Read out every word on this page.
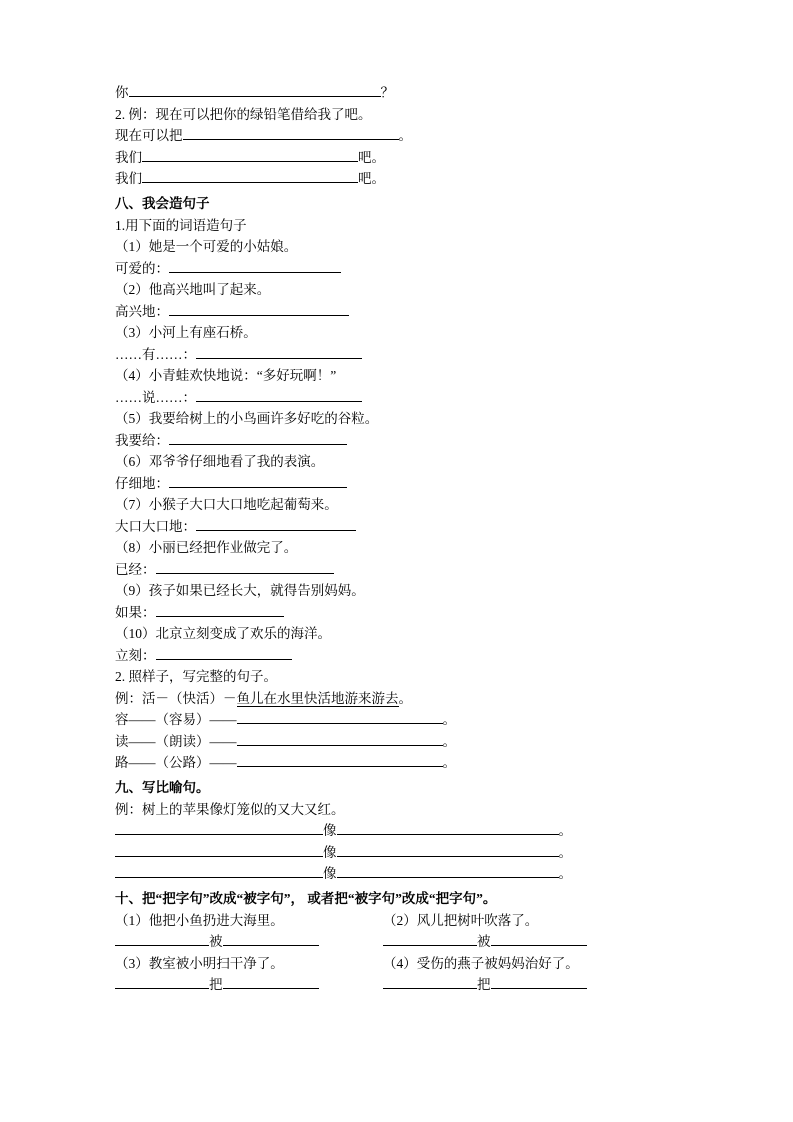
你	？
2. 例：现在可以把你的绿铅笔借给我了吧。
现在可以把	。
我们	吧。
我们	吧。
八、我会造句子
1.用下面的词语造句子
（1）她是一个可爱的小姑娘。
可爱的：
（2）他高兴地叫了起来。
高兴地：
（3）小河上有座石桥。
……有……：
（4）小青蛙欢快地说：“多好玩啊！”
……说……：
（5）我要给树上的小鸟画许多好吃的谷粒。
我要给：
（6）邓爷爷仔细地看了我的表演。
仔细地：
（7）小猴子大口大口地吃起葡萄来。
大口大口地：
（8）小丽已经把作业做完了。
已经：
（9）孩子如果已经长大，就得告别妈妈。
如果：
（10）北京立刻变成了欢乐的海洋。
立刻：
2. 照样子，写完整的句子。
例：活－（快活）－鱼儿在水里快活地游来游去。
容——（容易）——	。
读——（朗读）——	。
路——（公路）——	。
九、写比喻句。
例：树上的苹果像灯笼似的又大又红。
像	。
像	。
像	。
十、把“把字句”改成“被字句”， 或者把“被字句”改成“把字句”。
（1）他把小鱼扔进大海里。	（2）风儿把树叶吹落了。
被	被
（3）教室被小明扫干净了。	（4）受伤的燕子被妈妈治好了。
把	把
